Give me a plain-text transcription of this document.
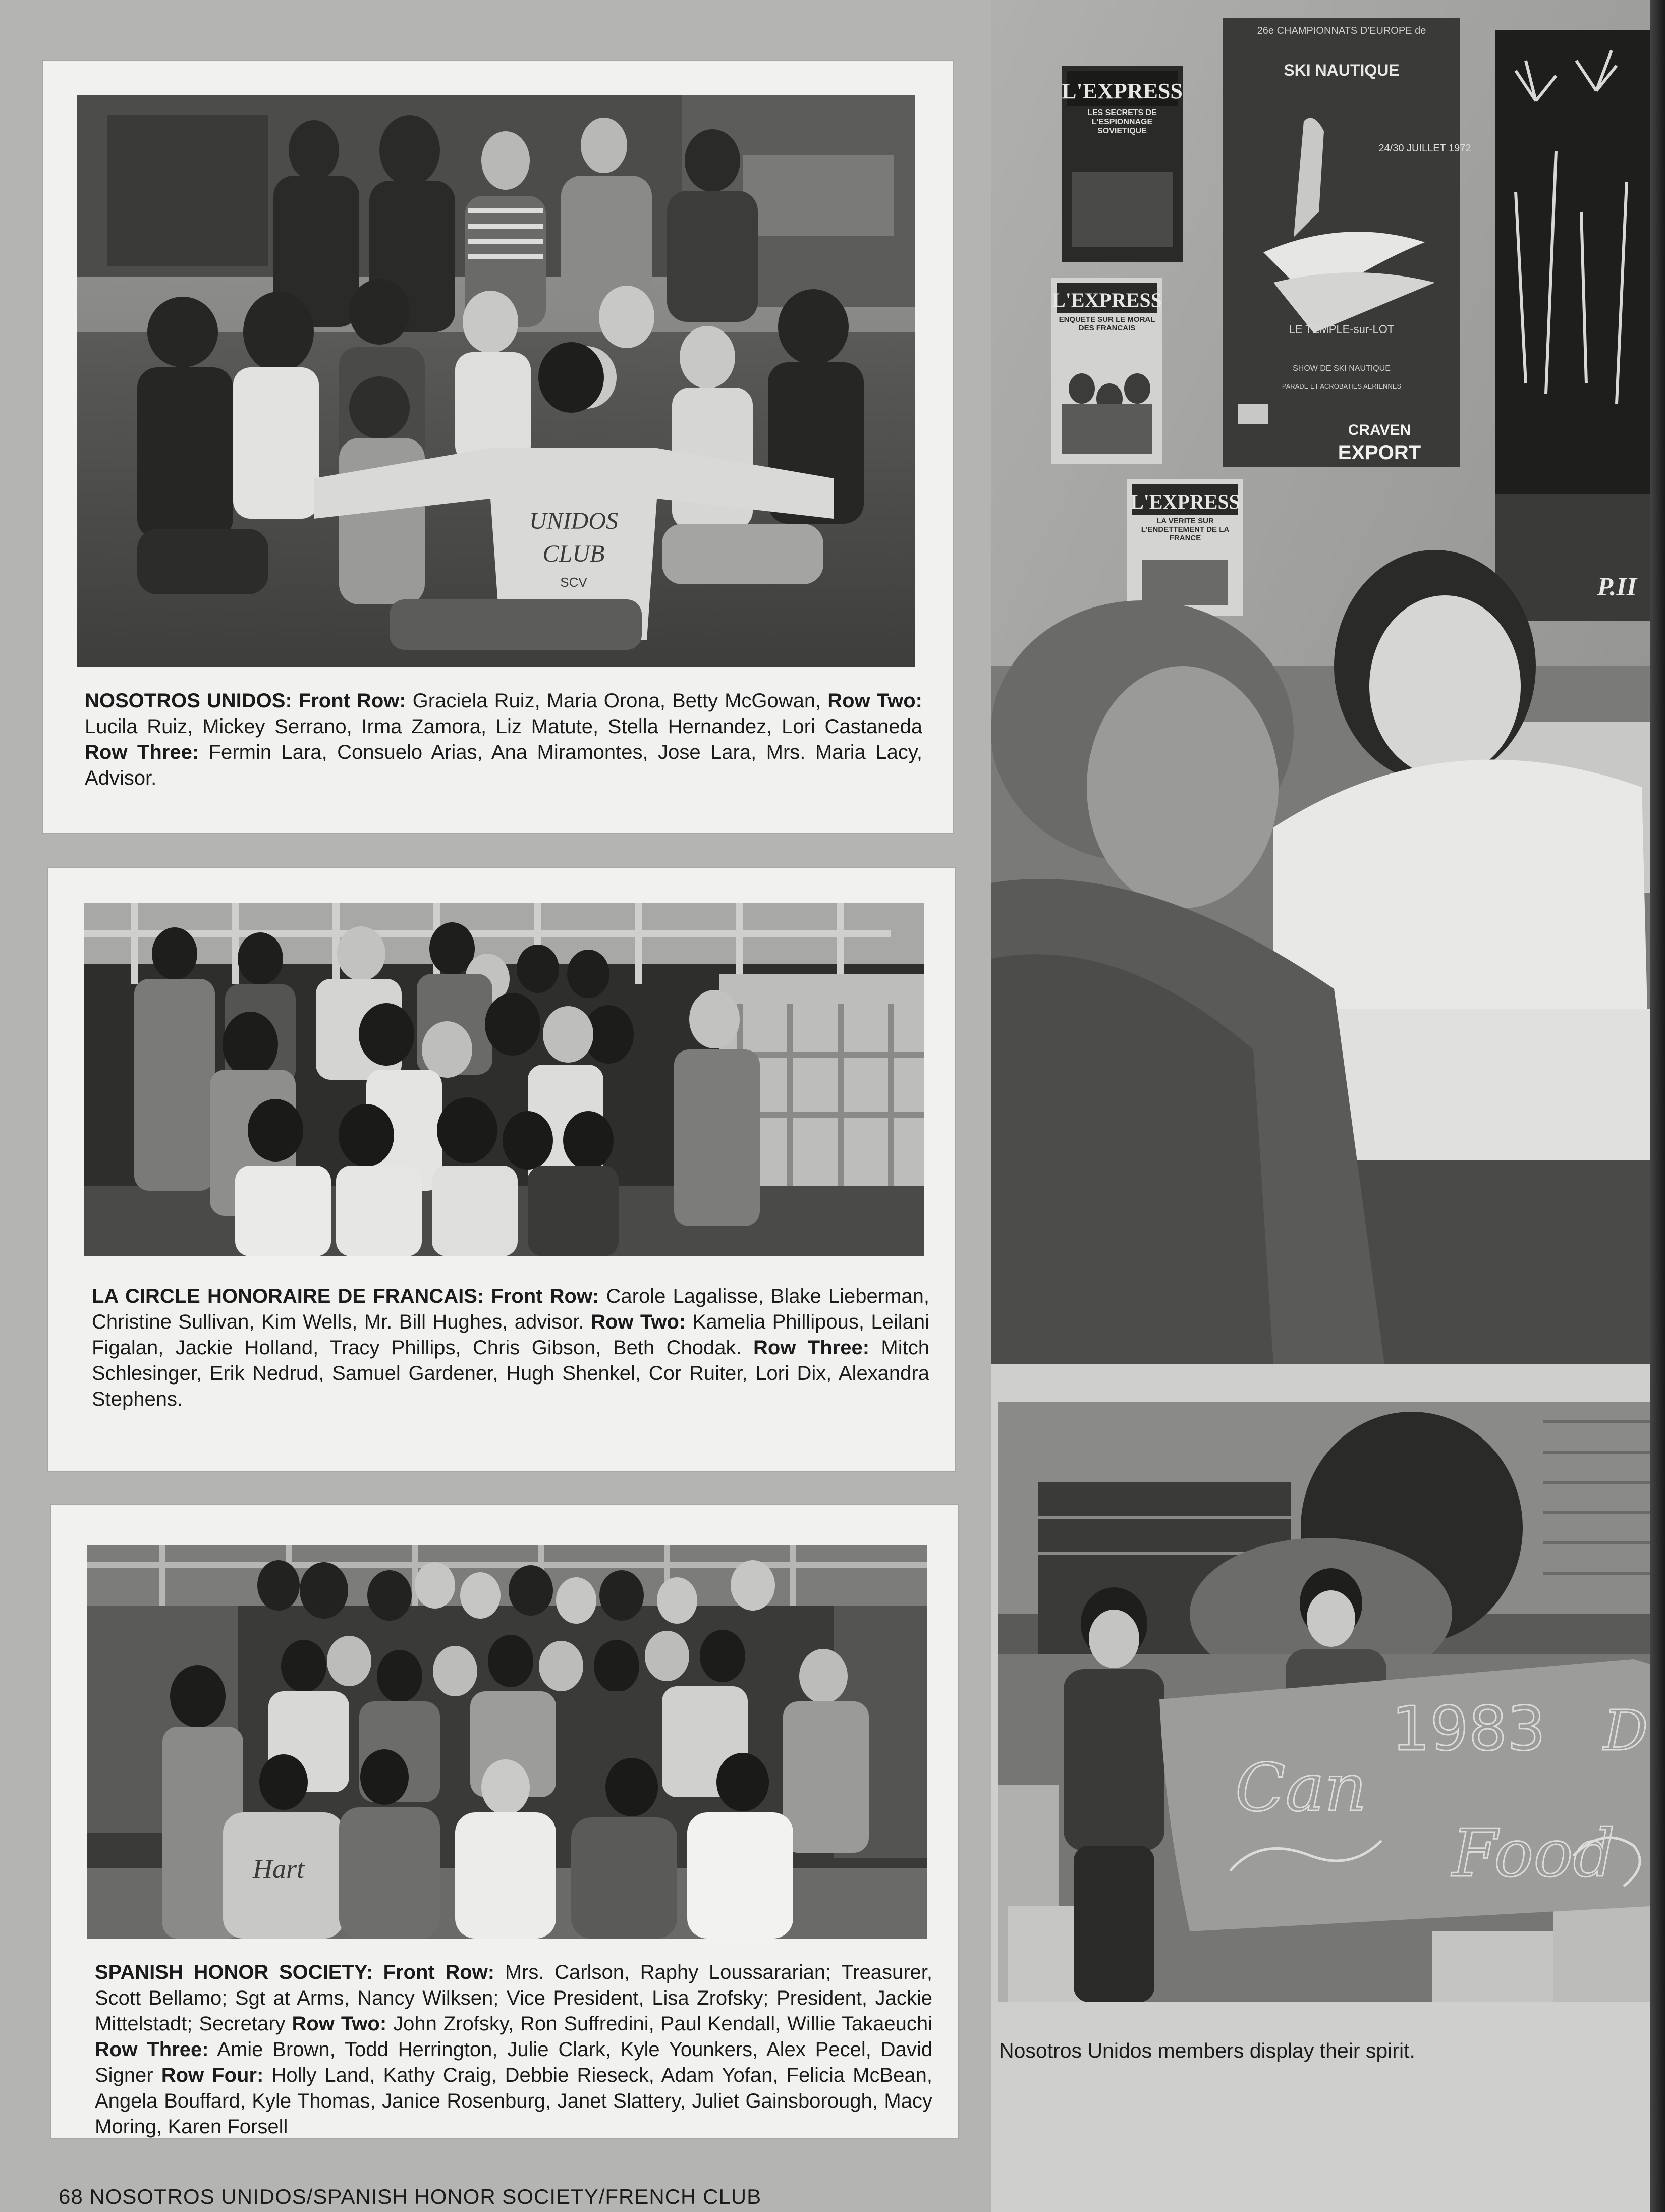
UNIDOS
CLUB
SCV
NOSOTROS UNIDOS: Front Row: Graciela Ruiz, Maria Orona, Betty McGowan, Row Two: Lucila Ruiz, Mickey Serrano, Irma Zamora, Liz Matute, Stella Hernandez, Lori Castaneda Row Three: Fermin Lara, Consuelo Arias, Ana Miramontes, Jose Lara, Mrs. Maria Lacy, Advisor.
LA CIRCLE HONORAIRE DE FRANCAIS: Front Row: Carole Lagalisse, Blake Lieberman, Christine Sullivan, Kim Wells, Mr. Bill Hughes, advisor. Row Two: Kamelia Phillipous, Leilani Figalan, Jackie Holland, Tracy Phillips, Chris Gibson, Beth Chodak. Row Three: Mitch Schlesinger, Erik Nedrud, Samuel Gardener, Hugh Shenkel, Cor Ruiter, Lori Dix, Alexandra Stephens.
Hart
SPANISH HONOR SOCIETY: Front Row: Mrs. Carlson, Raphy Loussararian; Treasurer, Scott Bellamo; Sgt at Arms, Nancy Wilksen; Vice President, Lisa Zrofsky; President, Jackie Mittelstadt; Secretary Row Two: John Zrofsky, Ron Suffredini, Paul Kendall, Willie Takaeuchi Row Three: Amie Brown, Todd Herrington, Julie Clark, Kyle Younkers, Alex Pecel, David Signer Row Four: Holly Land, Kathy Craig, Debbie Rieseck, Adam Yofan, Felicia McBean, Angela Bouffard, Kyle Thomas, Janice Rosenburg, Janet Slattery, Juliet Gainsborough, Macy Moring, Karen Forsell
L'EXPRESS
LES SECRETS DE L'ESPIONNAGE SOVIETIQUE
L'EXPRESS
ENQUETE SUR LE MORAL DES FRANCAIS
L'EXPRESS
LA VERITE SUR L'ENDETTEMENT DE LA FRANCE
26e CHAMPIONNATS D'EUROPE de
SKI NAUTIQUE
24/30 JUILLET 1972
LE TEMPLE-sur-LOT
SHOW DE SKI NAUTIQUE
PARADE ET ACROBATIES AERIENNES
CRAVEN
EXPORT
P.II
Can
1983 D
Food
Nosotros Unidos members display their spirit.
68 NOSOTROS UNIDOS/SPANISH HONOR SOCIETY/FRENCH CLUB
